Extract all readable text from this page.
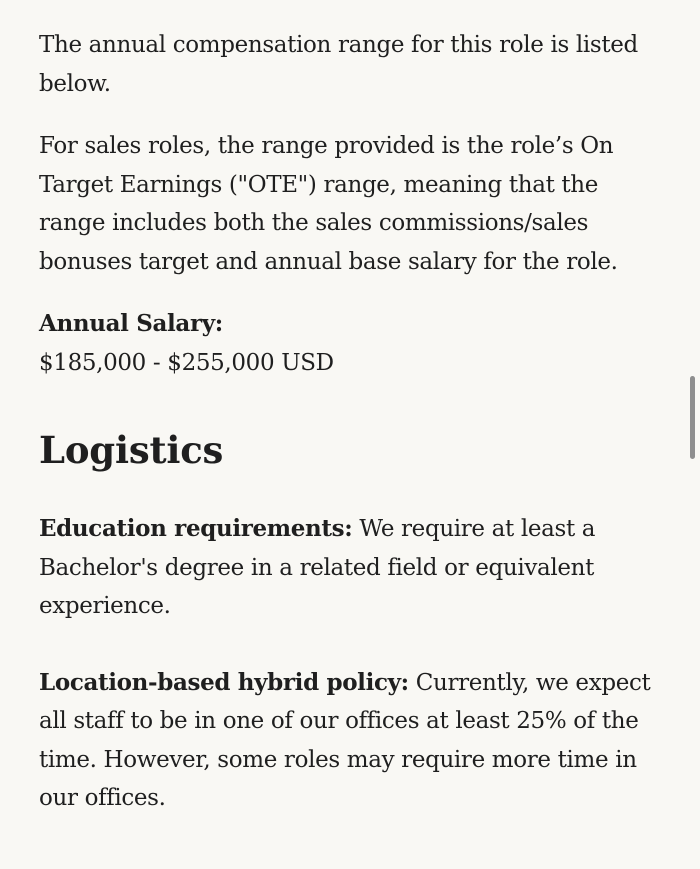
The annual compensation range for this role is listed below.

For sales roles, the range provided is the role’s On Target Earnings ("OTE") range, meaning that the range includes both the sales commissions/sales bonuses target and annual base salary for the role.

Annual Salary:
$185,000 - $255,000 USD

Logistics

Education requirements: We require at least a Bachelor's degree in a related field or equivalent experience.

Location-based hybrid policy: Currently, we expect all staff to be in one of our offices at least 25% of the time. However, some roles may require more time in our offices.
